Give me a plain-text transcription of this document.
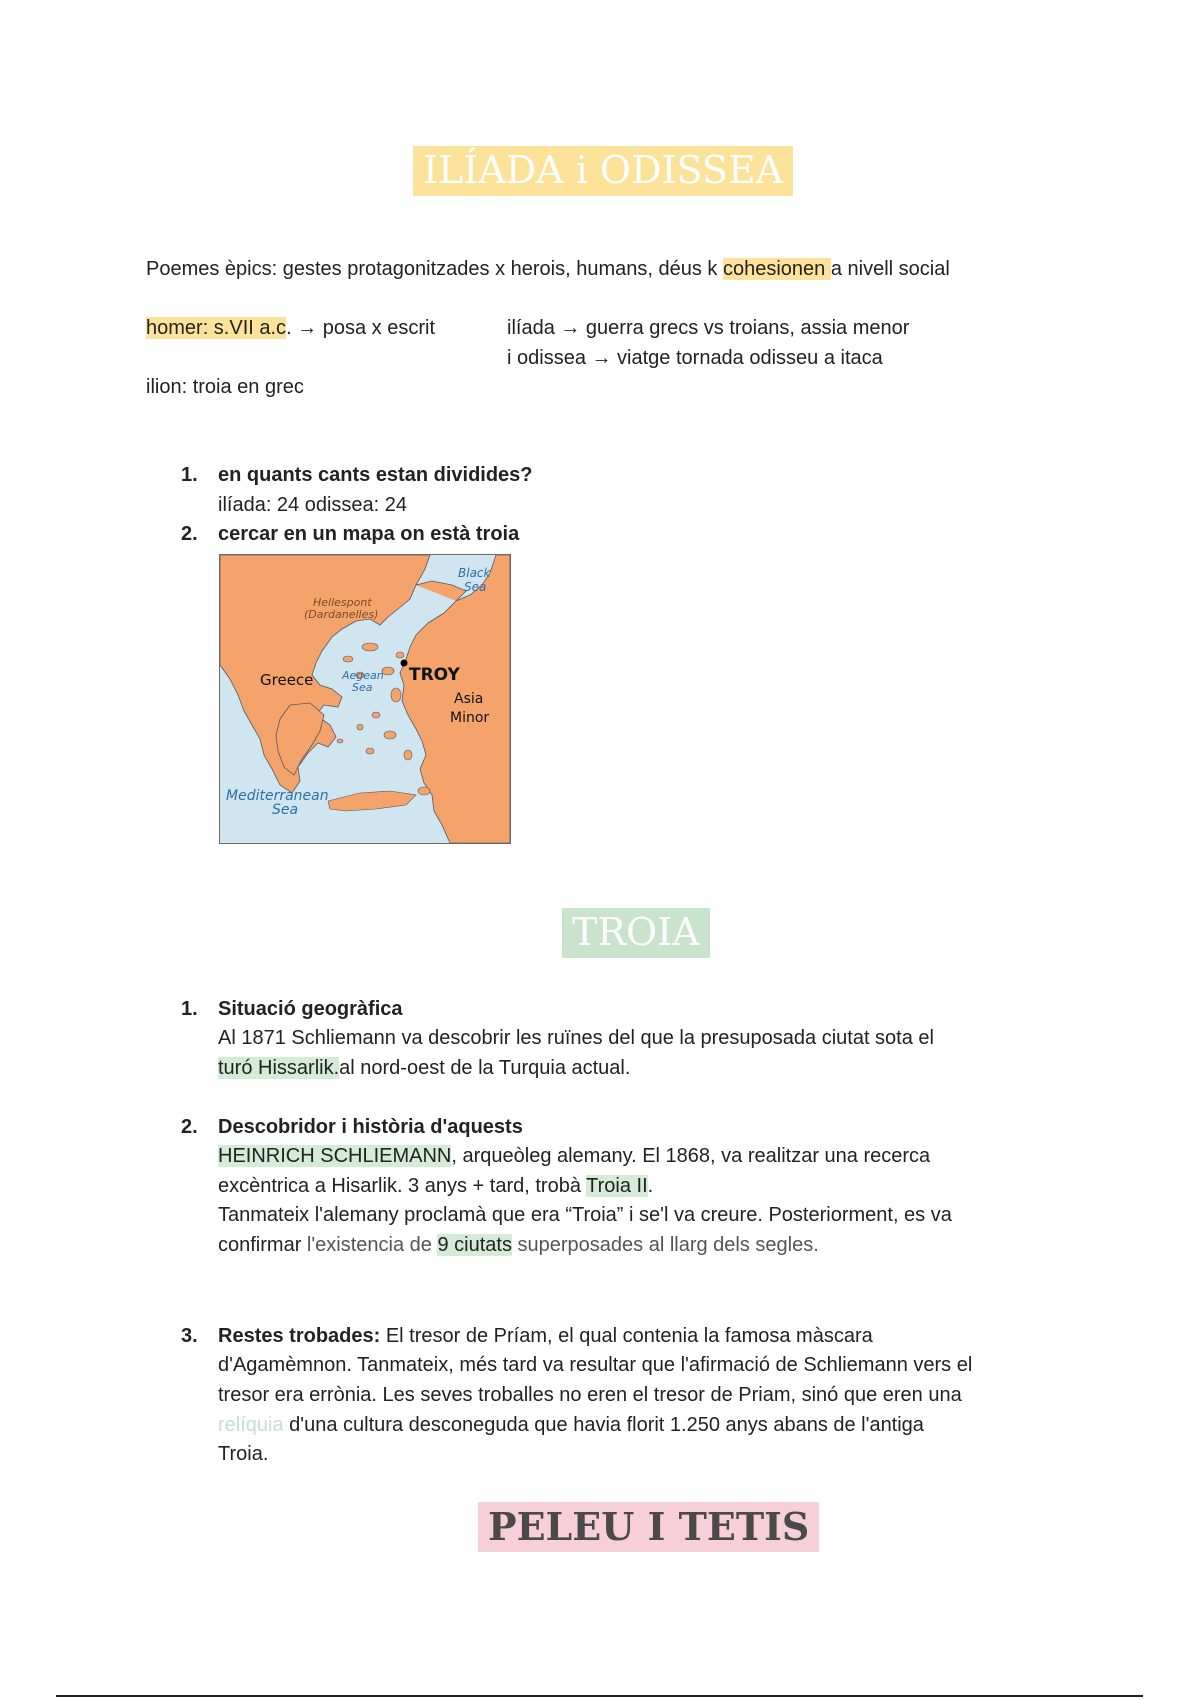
ILÍADA i ODISSEA
Poemes èpics: gestes protagonitzades x herois, humans, déus k cohesionen a nivell social
homer: s.VII a.c. → posa x escrit	ilíada → guerra grecs vs troians, assia menor
i odissea → viatge tornada odisseu a itaca
ilion: troia en grec
1. en quants cants estan dividides?
ilíada: 24 odissea: 24
2. cercar en un mapa on està troia
Black
Sea
Hellespont
(Dardanelles)
Aegean
Sea
Mediterranean
Sea
Greece	TROY
Asia
Minor
TROIA
1. Situació geogràfica
Al 1871 Schliemann va descobrir les ruïnes del que la presuposada ciutat sota el
turó Hissarlik.al nord-oest de la Turquia actual.
2. Descobridor i història d'aquests
HEINRICH SCHLIEMANN, arqueòleg alemany. El 1868, va realitzar una recerca
excèntrica a Hisarlik. 3 anys + tard, trobà Troia II.
Tanmateix l'alemany proclamà que era “Troia” i se'l va creure. Posteriorment, es va
confirmar l'existencia de 9 ciutats superposades al llarg dels segles.
3. Restes trobades: El tresor de Príam, el qual contenia la famosa màscara
d'Agamèmnon. Tanmateix, més tard va resultar que l'afirmació de Schliemann vers el
tresor era errònia. Les seves troballes no eren el tresor de Priam, sinó que eren una
relíquia d'una cultura desconeguda que havia florit 1.250 anys abans de l'antiga
Troia.
PELEU I TETIS
